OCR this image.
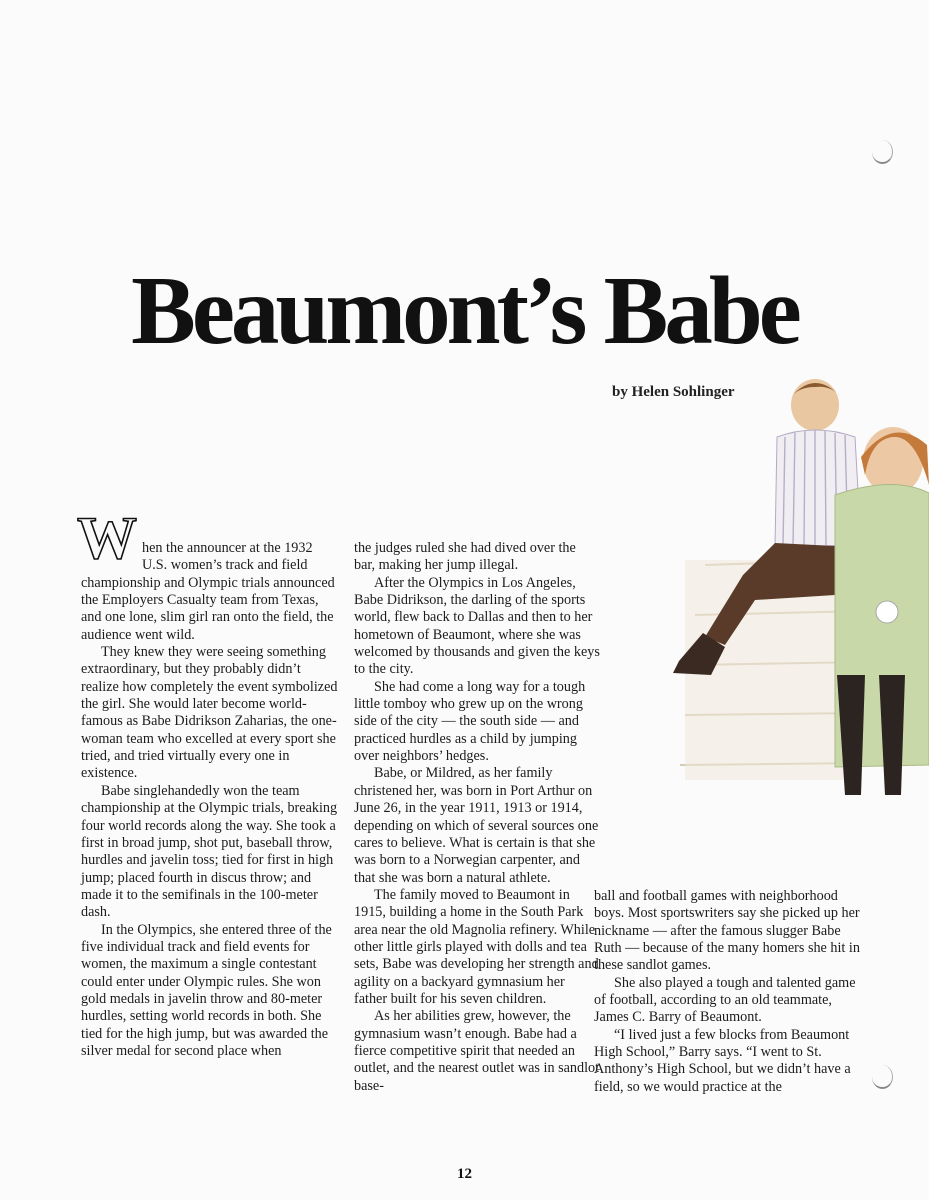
Beaumont’s Babe
by Helen Sohlinger

When the announcer at the 1932 U.S. women’s track and field championship and Olympic trials announced the Employers Casualty team from Texas, and one lone, slim girl ran onto the field, the audience went wild.

They knew they were seeing something extraordinary, but they probably didn’t realize how completely the event symbolized the girl. She would later become world-famous as Babe Didrikson Zaharias, the one-woman team who excelled at every sport she tried, and tried virtually every one in existence.

Babe singlehandedly won the team championship at the Olympic trials, breaking four world records along the way. She took a first in broad jump, shot put, baseball throw, hurdles and javelin toss; tied for first in high jump; placed fourth in discus throw; and made it to the semifinals in the 100-meter dash.

In the Olympics, she entered three of the five individual track and field events for women, the maximum a single contestant could enter under Olympic rules. She won gold medals in javelin throw and 80-meter hurdles, setting world records in both. She tied for the high jump, but was awarded the silver medal for second place when

the judges ruled she had dived over the bar, making her jump illegal.

After the Olympics in Los Angeles, Babe Didrikson, the darling of the sports world, flew back to Dallas and then to her hometown of Beaumont, where she was welcomed by thousands and given the keys to the city.

She had come a long way for a tough little tomboy who grew up on the wrong side of the city — the south side — and practiced hurdles as a child by jumping over neighbors’ hedges.

Babe, or Mildred, as her family christened her, was born in Port Arthur on June 26, in the year 1911, 1913 or 1914, depending on which of several sources one cares to believe. What is certain is that she was born to a Norwegian carpenter, and that she was born a natural athlete.

The family moved to Beaumont in 1915, building a home in the South Park area near the old Magnolia refinery. While other little girls played with dolls and tea sets, Babe was developing her strength and agility on a backyard gymnasium her father built for his seven children.

As her abilities grew, however, the gymnasium wasn’t enough. Babe had a fierce competitive spirit that needed an outlet, and the nearest outlet was in sandlot base-

ball and football games with neighborhood boys. Most sportswriters say she picked up her nickname — after the famous slugger Babe Ruth — because of the many homers she hit in these sandlot games.

She also played a tough and talented game of football, according to an old teammate, James C. Barry of Beaumont.

“I lived just a few blocks from Beaumont High School,” Barry says. “I went to St. Anthony’s High School, but we didn’t have a field, so we would practice at the

12
